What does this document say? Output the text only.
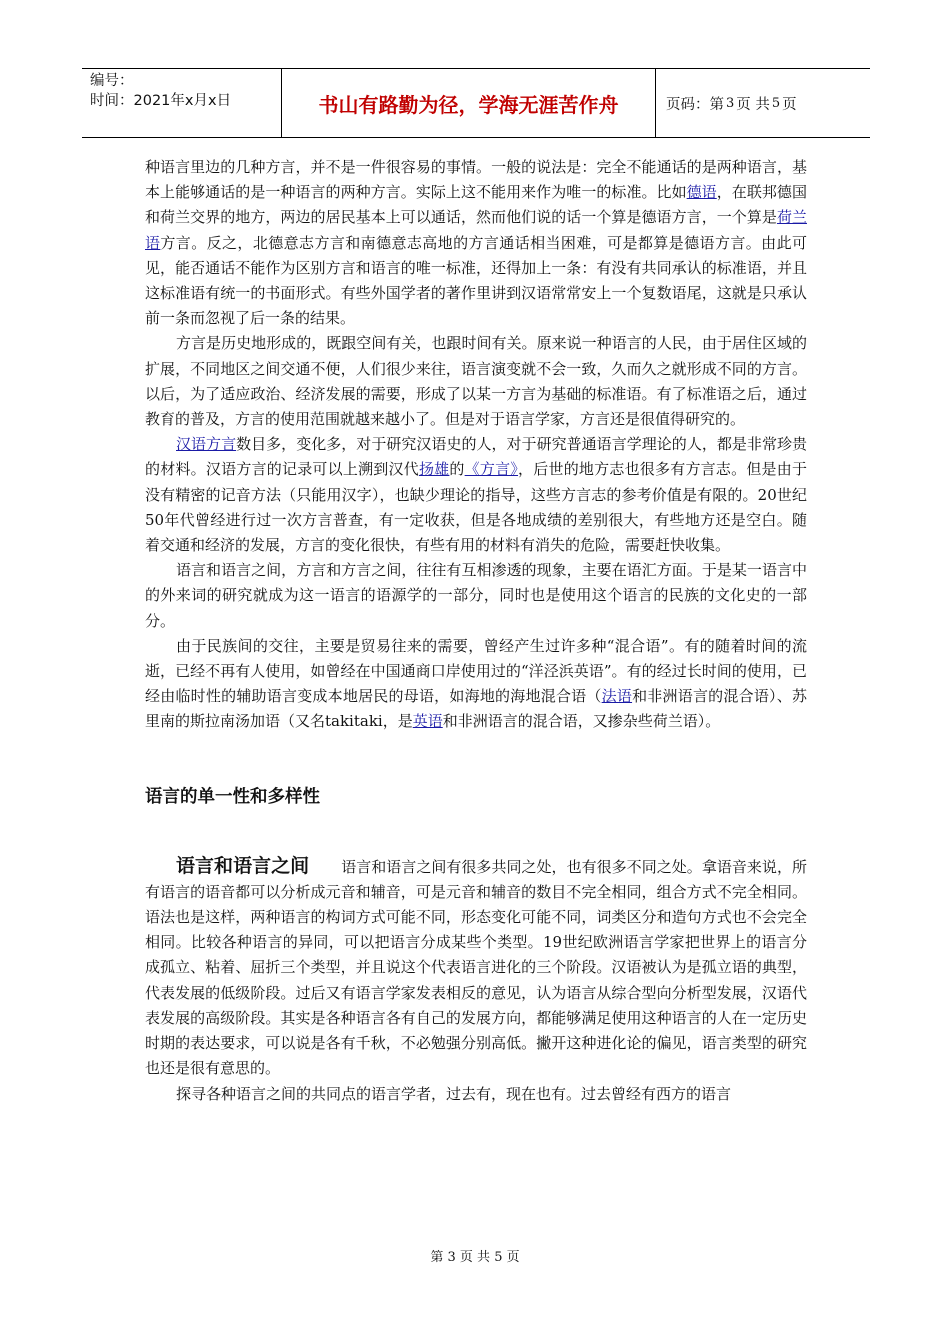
编号：
时间：2021年x月x日	书山有路勤为径，学海无涯苦作舟	页码：第 3 页 共 5 页

种语言里边的几种方言，并不是一件很容易的事情。一般的说法是：完全不能通话的是两种语言，基本上能够通话的是一种语言的两种方言。实际上这不能用来作为唯一的标准。比如德语，在联邦德国和荷兰交界的地方，两边的居民基本上可以通话，然而他们说的话一个算是德语方言，一个算是荷兰语方言。反之，北德意志方言和南德意志高地的方言通话相当困难，可是都算是德语方言。由此可见，能否通话不能作为区别方言和语言的唯一标准，还得加上一条：有没有共同承认的标准语，并且这标准语有统一的书面形式。有些外国学者的著作里讲到汉语常常安上一个复数语尾，这就是只承认前一条而忽视了后一条的结果。

方言是历史地形成的，既跟空间有关，也跟时间有关。原来说一种语言的人民，由于居住区域的扩展，不同地区之间交通不便，人们很少来往，语言演变就不会一致，久而久之就形成不同的方言。以后，为了适应政治、经济发展的需要，形成了以某一方言为基础的标准语。有了标准语之后，通过教育的普及，方言的使用范围就越来越小了。但是对于语言学家，方言还是很值得研究的。

汉语方言数目多，变化多，对于研究汉语史的人，对于研究普通语言学理论的人，都是非常珍贵的材料。汉语方言的记录可以上溯到汉代扬雄的《方言》，后世的地方志也很多有方言志。但是由于没有精密的记音方法（只能用汉字），也缺少理论的指导，这些方言志的参考价值是有限的。20世纪50年代曾经进行过一次方言普查，有一定收获，但是各地成绩的差别很大，有些地方还是空白。随着交通和经济的发展，方言的变化很快，有些有用的材料有消失的危险，需要赶快收集。

语言和语言之间，方言和方言之间，往往有互相渗透的现象，主要在语汇方面。于是某一语言中的外来词的研究就成为这一语言的语源学的一部分，同时也是使用这个语言的民族的文化史的一部分。

由于民族间的交往，主要是贸易往来的需要，曾经产生过许多种“混合语”。有的随着时间的流逝，已经不再有人使用，如曾经在中国通商口岸使用过的“洋泾浜英语”。有的经过长时间的使用，已经由临时性的辅助语言变成本地居民的母语，如海地的海地混合语（法语和非洲语言的混合语）、苏里南的斯拉南汤加语（又名takitaki，是英语和非洲语言的混合语，又掺杂些荷兰语）。

语言的单一性和多样性

语言和语言之间 语言和语言之间有很多共同之处，也有很多不同之处。拿语音来说，所有语言的语音都可以分析成元音和辅音，可是元音和辅音的数目不完全相同，组合方式不完全相同。语法也是这样，两种语言的构词方式可能不同，形态变化可能不同，词类区分和造句方式也不会完全相同。比较各种语言的异同，可以把语言分成某些个类型。19世纪欧洲语言学家把世界上的语言分成孤立、粘着、屈折三个类型，并且说这个代表语言进化的三个阶段。汉语被认为是孤立语的典型，代表发展的低级阶段。过后又有语言学家发表相反的意见，认为语言从综合型向分析型发展，汉语代表发展的高级阶段。其实是各种语言各有自己的发展方向，都能够满足使用这种语言的人在一定历史时期的表达要求，可以说是各有千秋，不必勉强分别高低。撇开这种进化论的偏见，语言类型的研究也还是很有意思的。

探寻各种语言之间的共同点的语言学者，过去有，现在也有。过去曾经有西方的语言

第 3 页 共 5 页
